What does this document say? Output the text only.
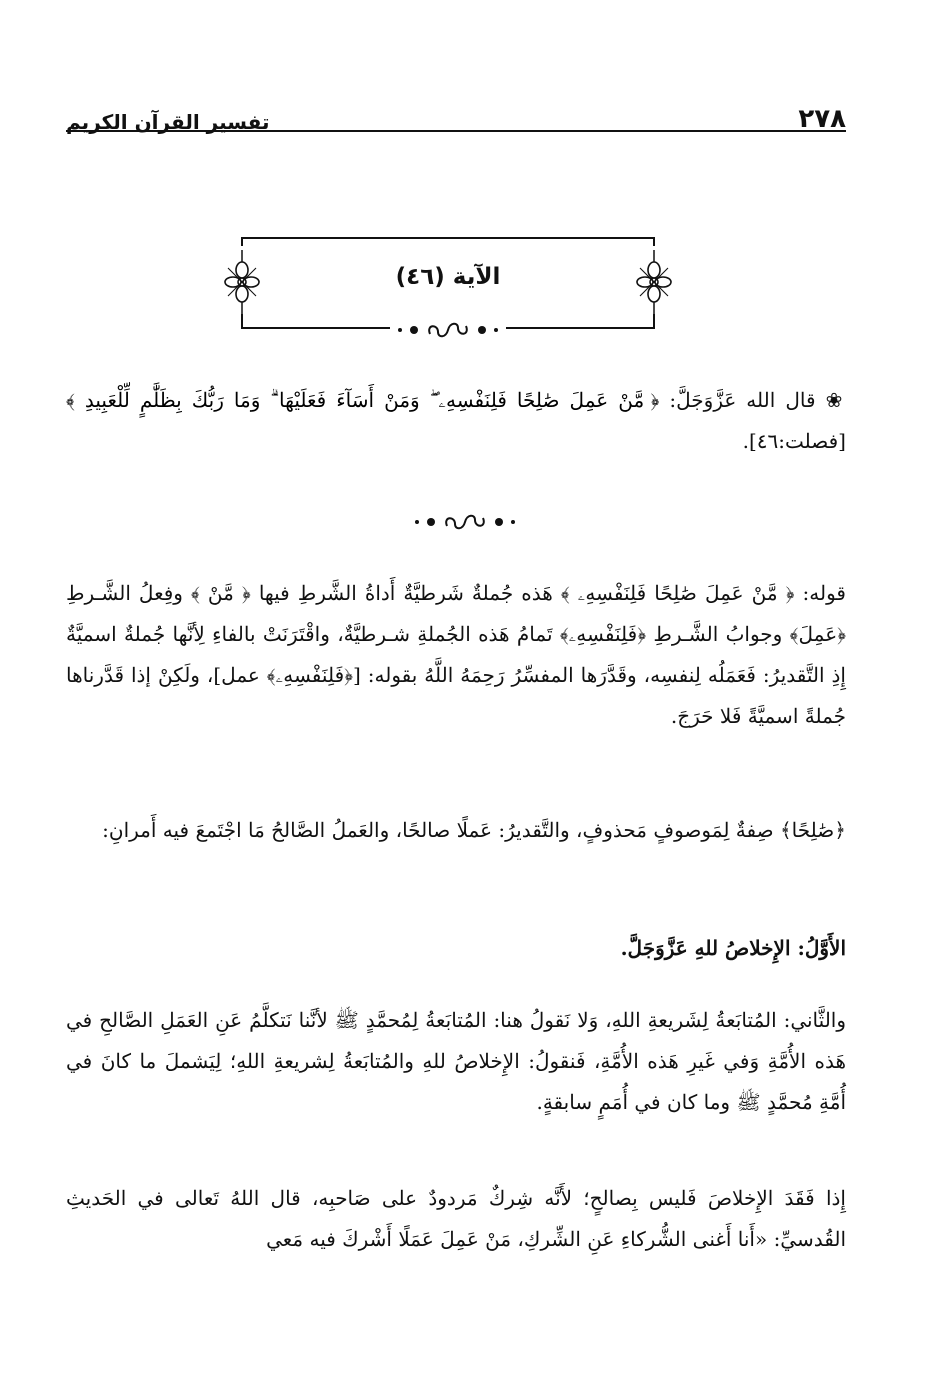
٢٧٨
تفسير القرآن الكريم
الآية (٤٦)

❀ قال الله عَزَّوَجَلَّ: ﴿ مَّنْ عَمِلَ صَٰلِحًا فَلِنَفْسِهِۦ ۖ وَمَنْ أَسَآءَ فَعَلَيْهَا ۗ وَمَا رَبُّكَ بِظَلَّٰمٍ لِّلْعَبِيدِ ﴾ [فصلت:٤٦].

قوله: ﴿ مَّنْ عَمِلَ صَٰلِحًا فَلِنَفْسِهِۦ ﴾ هَذه جُملةٌ شَرطيَّةٌ أَداةُ الشَّرطِ فيها ﴿ مَّنْ ﴾ وفِعلُ الشَّـرطِ ﴿عَمِلَ﴾ وجوابُ الشَّـرطِ ﴿فَلِنَفْسِهِۦ﴾ تَمامُ هَذه الجُملةِ شـرطيَّةٌ، واقْتَرَنَتْ بالفاءِ لِأنَّها جُملةٌ اسميَّةٌ إِذِ التَّقديرُ: فَعَمَلُه لِنفسِه، وقَدَّرَها المفسِّرُ رَحِمَهُ اللَّهُ بقوله: [﴿فَلِنَفْسِهِۦ﴾ عمل]، ولَكِنْ إذا قَدَّرناها جُملةً اسميَّةً فَلا حَرَجَ.

﴿صَٰلِحًا﴾ صِفةٌ لِمَوصوفٍ مَحذوفٍ، والتَّقديرُ: عَملًا صالحًا، والعَملُ الصَّالحُ مَا اجْتَمعَ فيه أَمرانِ:

الأَوَّلُ: الإِخلاصُ للهِ عَزَّوَجَلَّ.

والثَّاني: المُتابَعةُ لِشَريعةِ اللهِ، وَلا نَقولُ هنا: المُتابَعةُ لِمُحمَّدٍ ﷺ لأنَّنا نَتكلَّمُ عَنِ العَمَلِ الصَّالحِ في هَذه الأُمَّةِ وَفي غَيرِ هَذه الأُمَّةِ، فَنقولُ: الإِخلاصُ للهِ والمُتابَعةُ لِشريعةِ اللهِ؛ لِيَشملَ ما كانَ في أُمَّةِ مُحمَّدٍ ﷺ وما كان في أُمَمٍ سابقةٍ.

إِذا فَقَدَ الإِخلاصَ فَليس بِصالحٍ؛ لأَنَّه شِركٌ مَردودٌ على صَاحبِه، قال اللهُ تَعالى في الحَديثِ القُدسيِّ: «أَنا أَغنى الشُّركاءِ عَنِ الشِّركِ، مَنْ عَمِلَ عَمَلًا أَشْركَ فيه مَعي
